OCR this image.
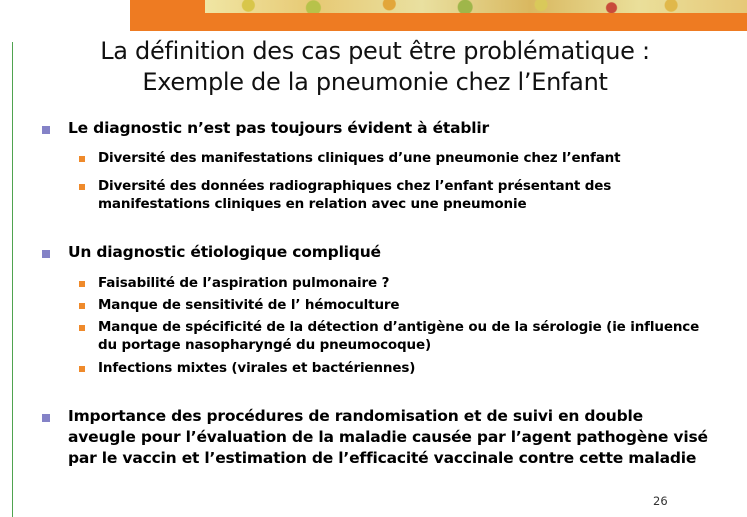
La définition des cas peut être problématique :
Exemple de la pneumonie chez l’Enfant
Le diagnostic n’est pas toujours évident à établir
Diversité des manifestations cliniques d’une pneumonie chez l’enfant
Diversité des données radiographiques chez l’enfant présentant des manifestations cliniques en relation avec une pneumonie
Un diagnostic étiologique compliqué
Faisabilité de l’aspiration pulmonaire ?
Manque de sensitivité de l’ hémoculture
Manque de spécificité de la détection d’antigène ou de la sérologie (ie influence du portage nasopharyngé du pneumocoque)
Infections mixtes (virales et bactériennes)
Importance des procédures de randomisation et de suivi en double aveugle pour l’évaluation de la maladie causée par l’agent pathogène visé par le vaccin et l’estimation de l’efficacité vaccinale contre cette maladie
26
